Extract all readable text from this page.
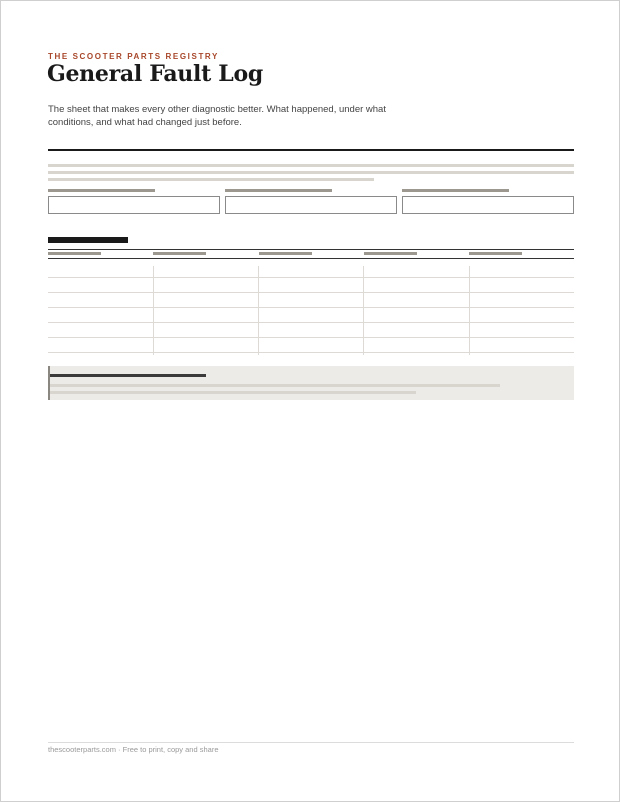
THE SCOOTER PARTS REGISTRY
General Fault Log

The sheet that makes every other diagnostic better. What happened, under what conditions, and what had changed just before.

thescooterparts.com · Free to print, copy and share
